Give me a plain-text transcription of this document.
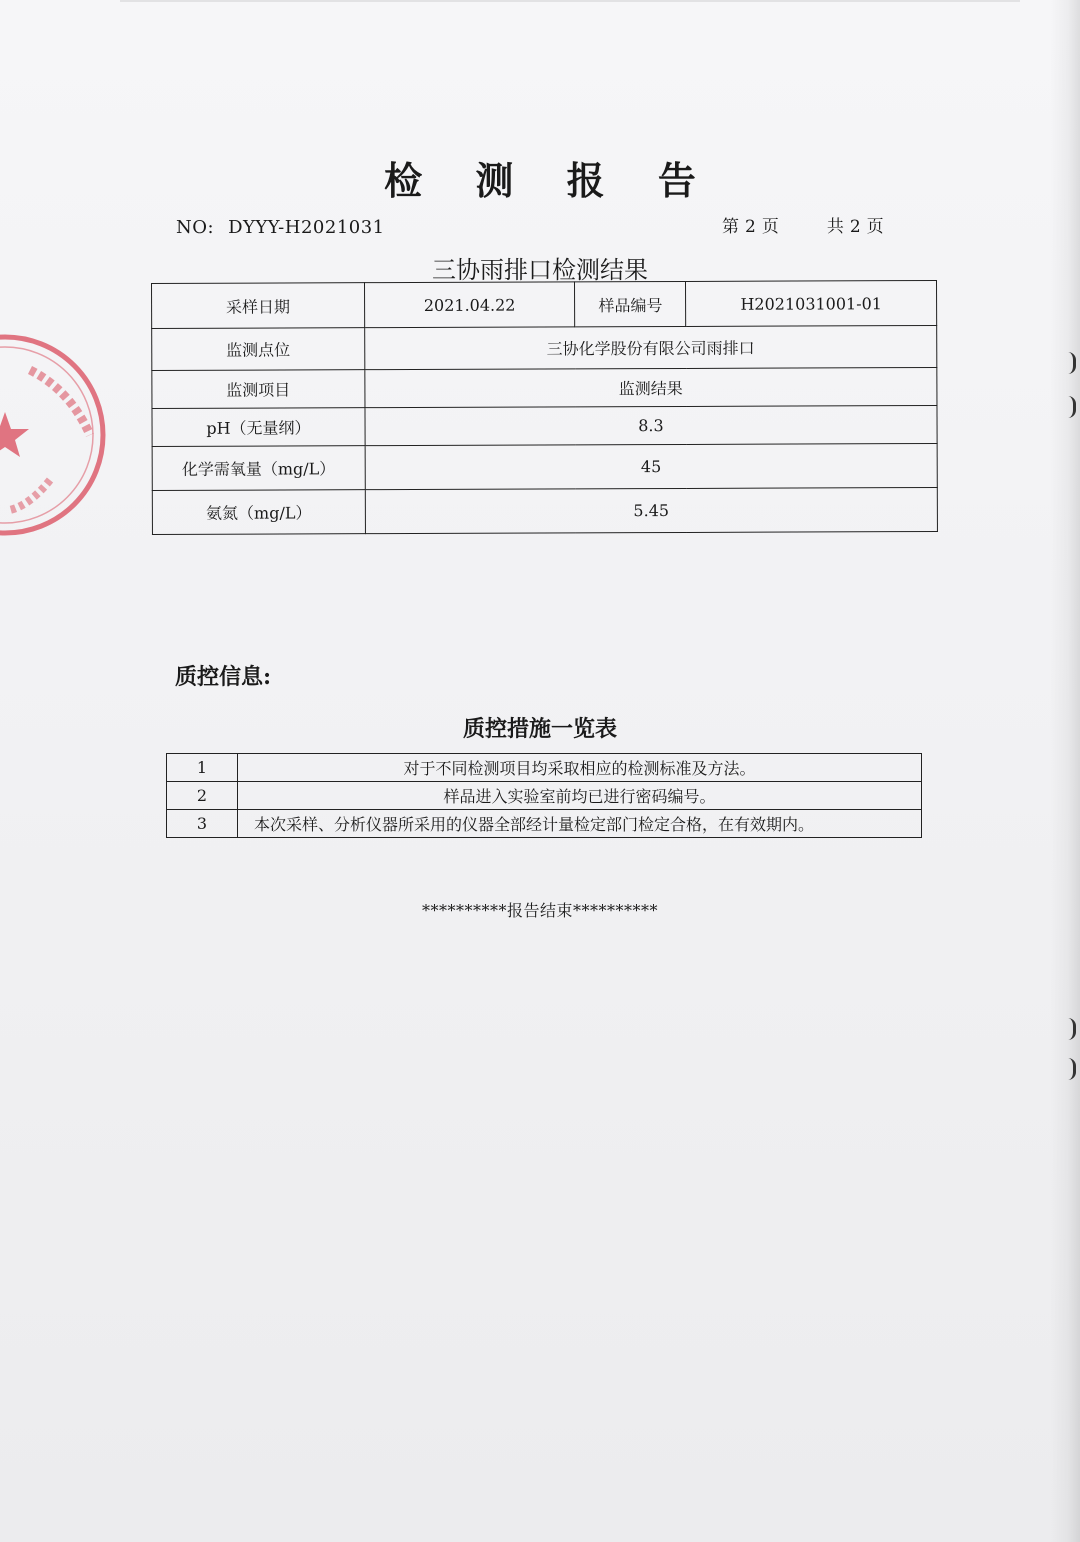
检 测 报 告
NO: DYYY-H2021031	第 2 页	共 2 页
三协雨排口检测结果
采样日期	2021.04.22	样品编号	H2021031001-01
监测点位	三协化学股份有限公司雨排口		
监测项目	监测结果		
pH（无量纲）	8.3		
化学需氧量（mg/L）	45		
氨氮（mg/L）	5.45		
质控信息:
质控措施一览表
1	对于不同检测项目均采取相应的检测标准及方法。
2	样品进入实验室前均已进行密码编号。
3	本次采样、分析仪器所采用的仪器全部经计量检定部门检定合格，在有效期内。
**********报告结束**********
